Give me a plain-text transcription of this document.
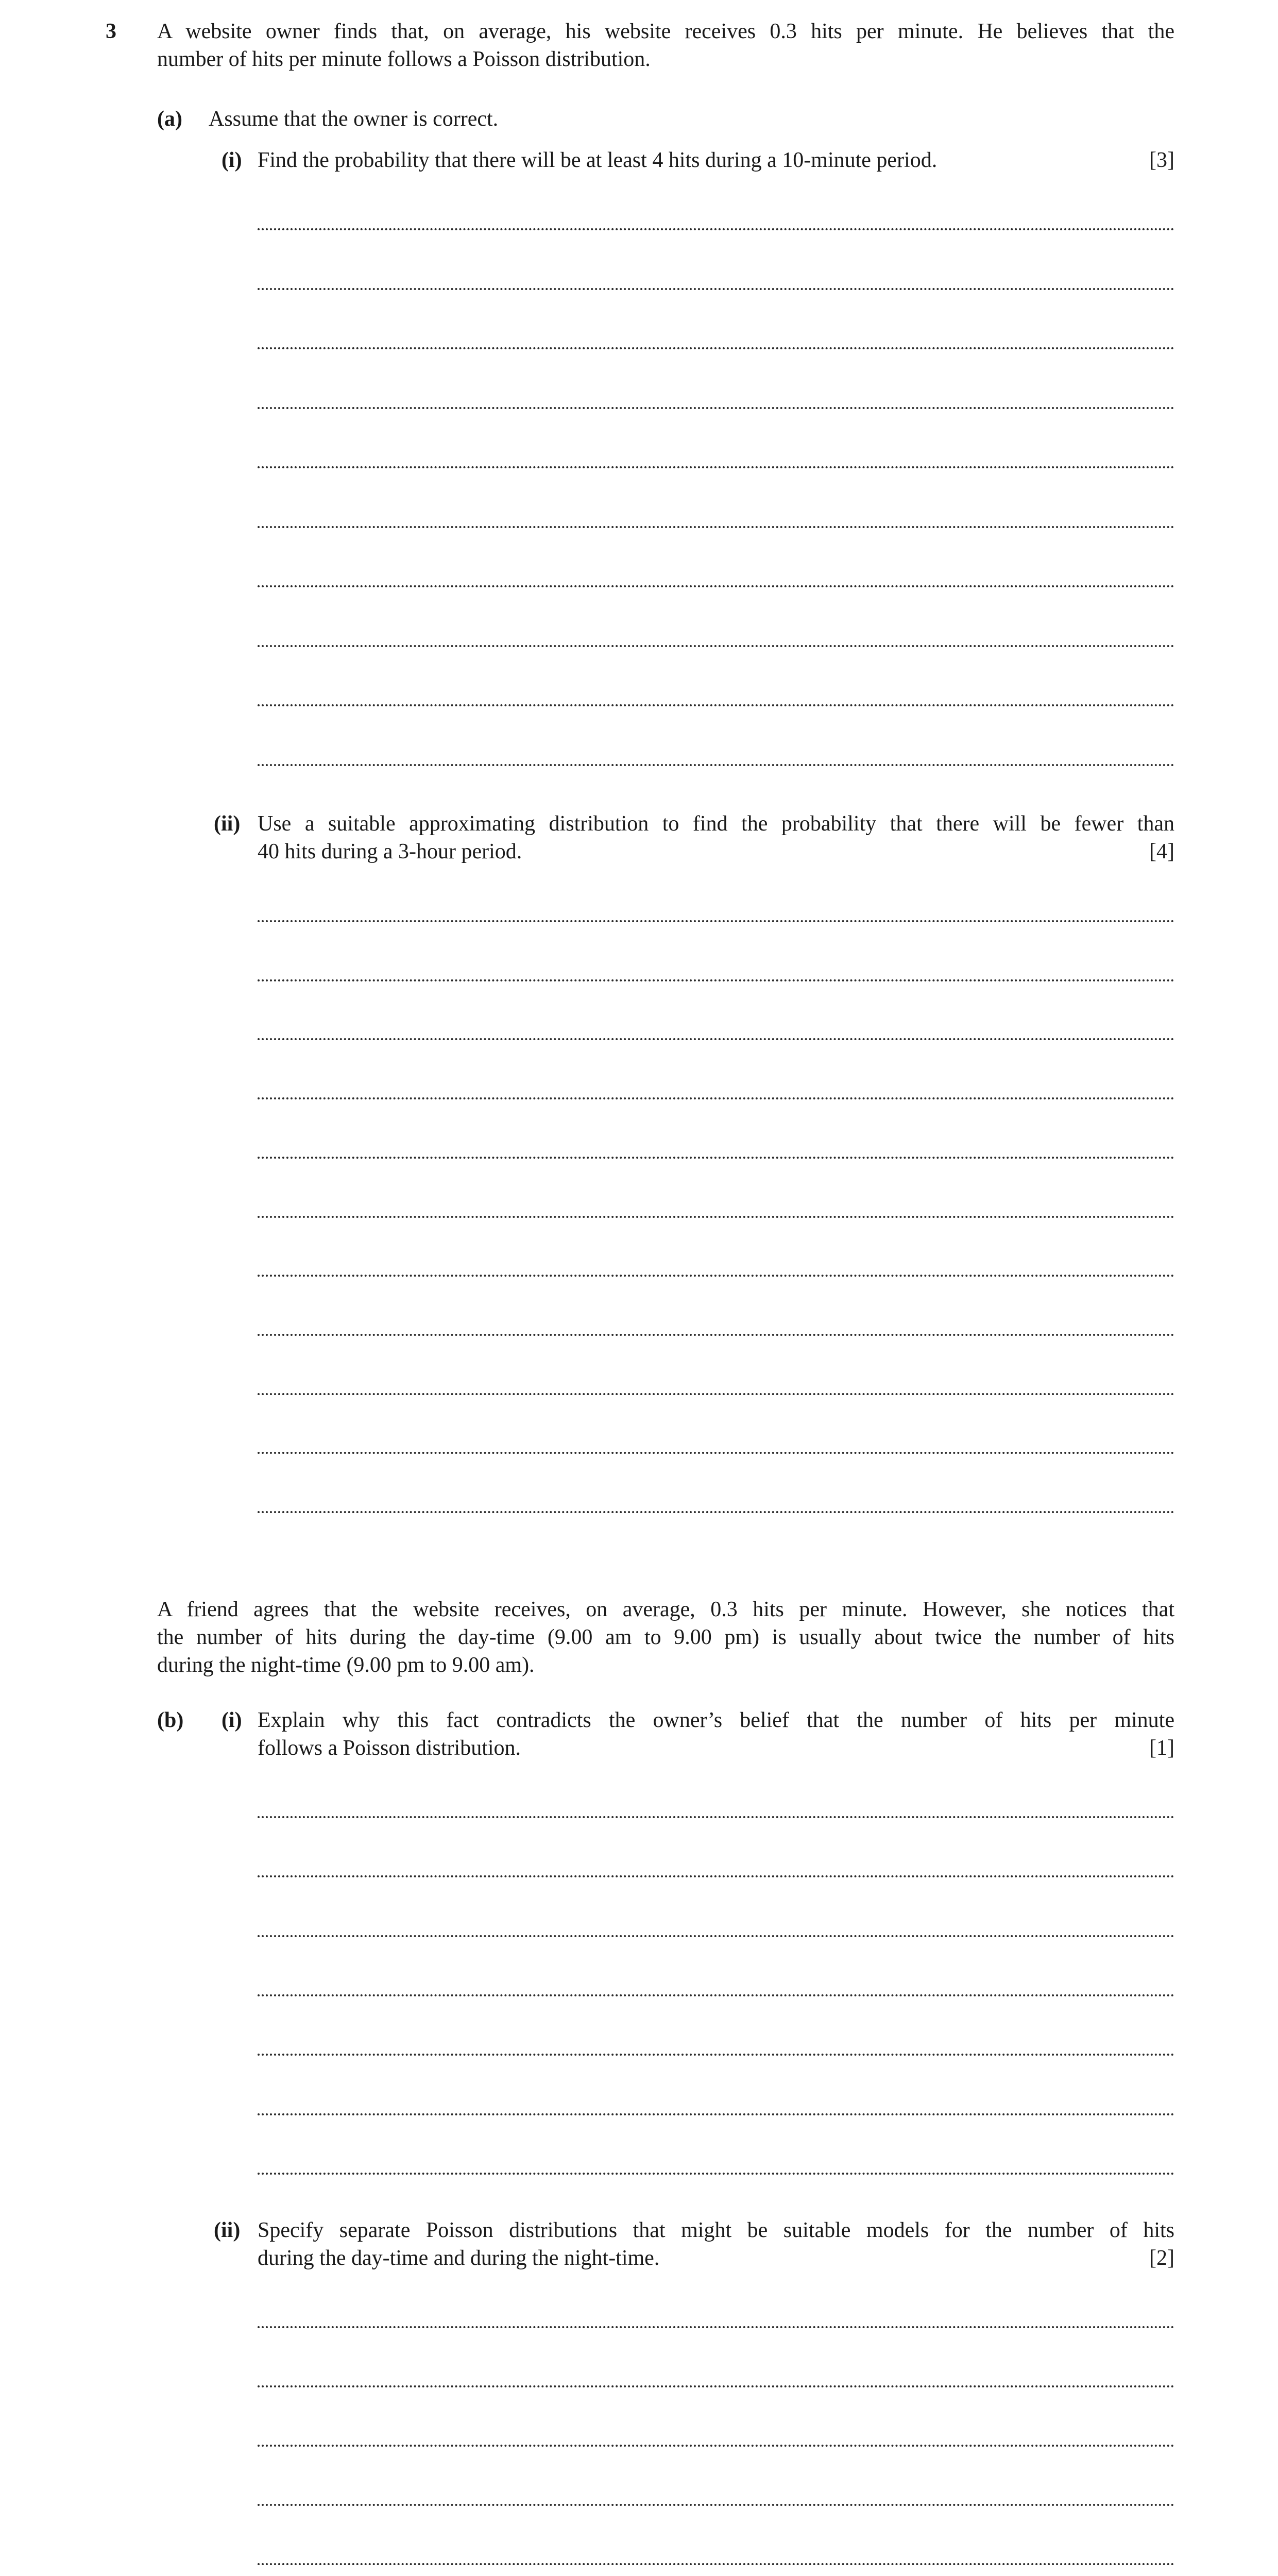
3 A website owner finds that, on average, his website receives 0.3 hits per minute. He believes that the
number of hits per minute follows a Poisson distribution.
(a) Assume that the owner is correct.
(i) Find the probability that there will be at least 4 hits during a 10-minute period.	[3]
(ii) Use a suitable approximating distribution to find the probability that there will be fewer than
40 hits during a 3-hour period.	[4]
A friend agrees that the website receives, on average, 0.3 hits per minute. However, she notices that
the number of hits during the day-time (9.00 am to 9.00 pm) is usually about twice the number of hits
during the night-time (9.00 pm to 9.00 am).
(b) (i) Explain why this fact contradicts the owner’s belief that the number of hits per minute
follows a Poisson distribution.	[1]
(ii) Specify separate Poisson distributions that might be suitable models for the number of hits
during the day-time and during the night-time.	[2]
